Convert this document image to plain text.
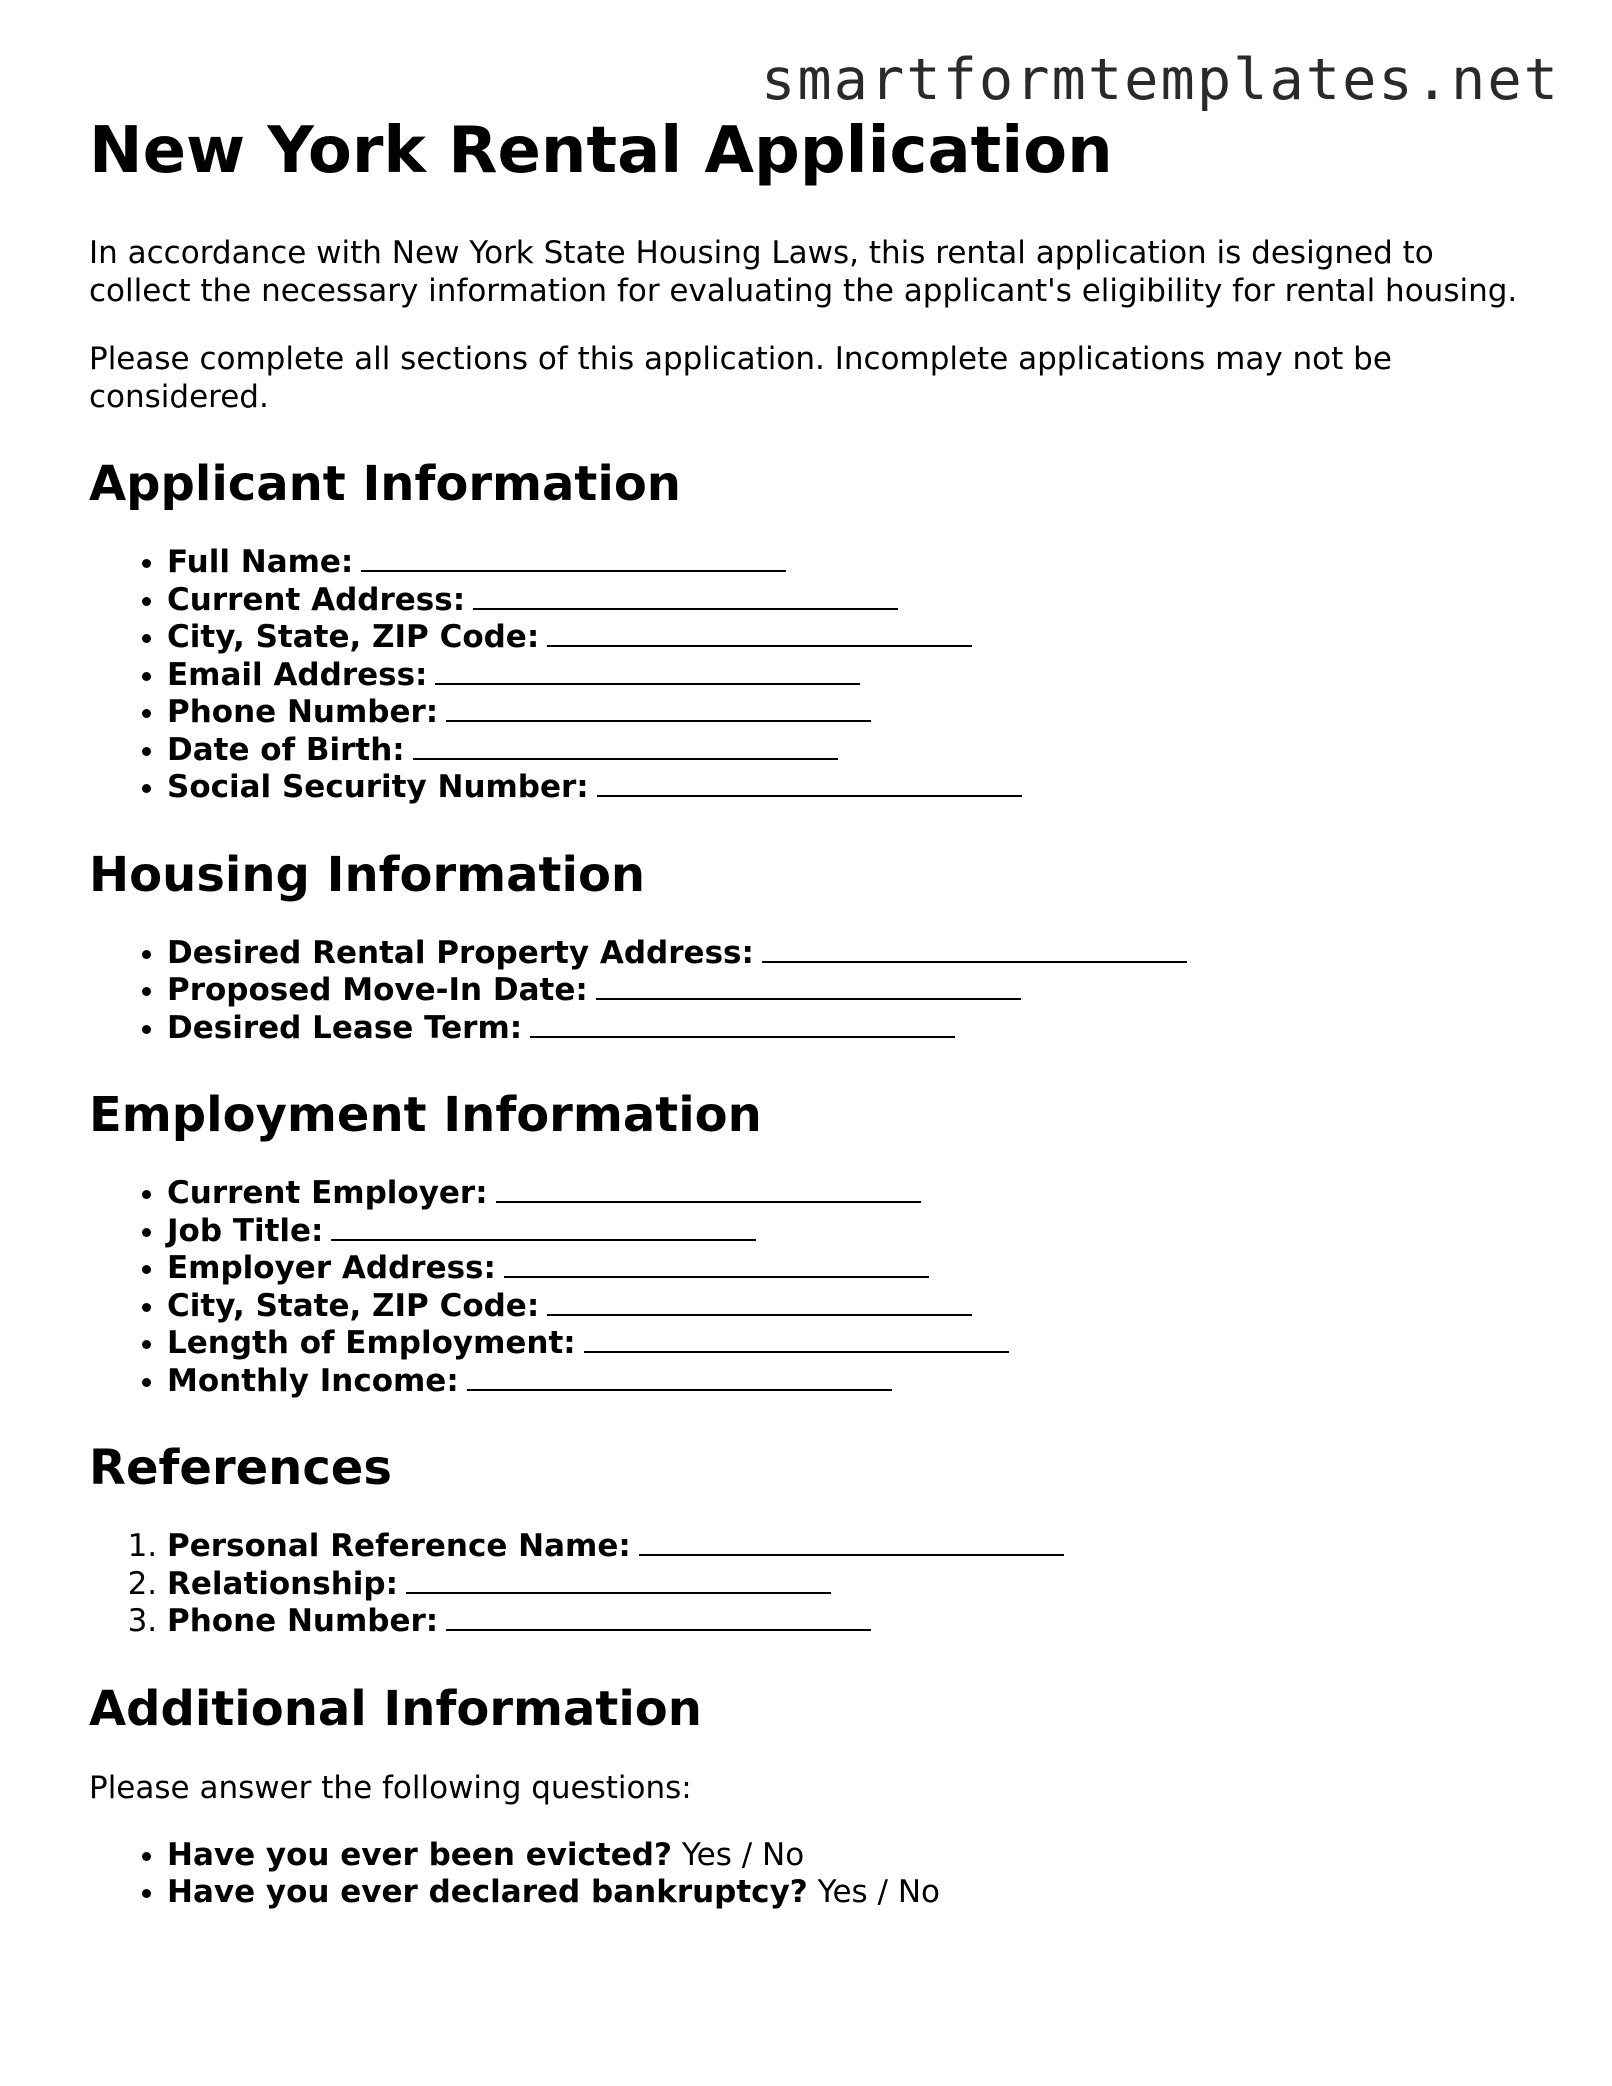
smartformtemplates.net
New York Rental Application

In accordance with New York State Housing Laws, this rental application is designed to collect the necessary information for evaluating the applicant's eligibility for rental housing.

Please complete all sections of this application. Incomplete applications may not be considered.

Applicant Information
• Full Name:
• Current Address:
• City, State, ZIP Code:
• Email Address:
• Phone Number:
• Date of Birth:
• Social Security Number:
Housing Information
• Desired Rental Property Address:
• Proposed Move-In Date:
• Desired Lease Term:
Employment Information
• Current Employer:
• Job Title:
• Employer Address:
• City, State, ZIP Code:
• Length of Employment:
• Monthly Income:
References
1. Personal Reference Name:
2. Relationship:
3. Phone Number:
Additional Information

Please answer the following questions:

• Have you ever been evicted? Yes / No
• Have you ever declared bankruptcy? Yes / No
